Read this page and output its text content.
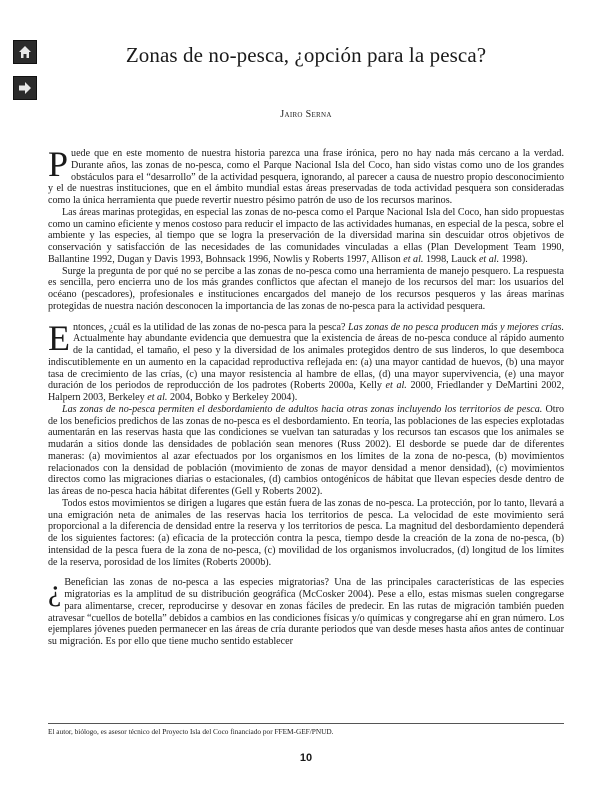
Zonas de no-pesca, ¿opción para la pesca?
Jairo Serna

Puede que en este momento de nuestra historia parezca una frase irónica, pero no hay nada más cercano a la verdad. Durante años, las zonas de no-pesca, como el Parque Nacional Isla del Coco, han sido vistas como uno de los grandes obstáculos para el “desarrollo” de la actividad pesquera, ignorando, al parecer a causa de nuestro propio desconocimiento y el de nuestras instituciones, que en el ámbito mundial estas áreas preservadas de toda actividad pesquera son consideradas como la única herramienta que puede revertir nuestro pésimo patrón de uso de los recursos marinos.

Las áreas marinas protegidas, en especial las zonas de no-pesca como el Parque Nacional Isla del Coco, han sido propuestas como un camino eficiente y menos costoso para reducir el impacto de las actividades humanas, en especial de la pesca, sobre el ambiente y las especies, al tiempo que se logra la preservación de la diversidad marina sin descuidar otros objetivos de conservación y satisfacción de las necesidades de las comunidades vinculadas a ellas (Plan Development Team 1990, Ballantine 1992, Dugan y Davis 1993, Bohnsack 1996, Nowlis y Roberts 1997, Allison et al. 1998, Lauck et al. 1998).

Surge la pregunta de por qué no se percibe a las zonas de no-pesca como una herramienta de manejo pesquero. La respuesta es sencilla, pero encierra uno de los más grandes conflictos que afectan el manejo de los recursos del mar: los usuarios del océano (pescadores), profesionales e instituciones encargados del manejo de los recursos pesqueros y las áreas marinas protegidas de nuestra nación desconocen la importancia de las zonas de no-pesca para la actividad pesquera.

Entonces, ¿cuál es la utilidad de las zonas de no-pesca para la pesca? Las zonas de no pesca producen más y mejores crías. Actualmente hay abundante evidencia que demuestra que la existencia de áreas de no-pesca conduce al rápido aumento de la cantidad, el tamaño, el peso y la diversidad de los animales protegidos dentro de sus linderos, lo que desemboca indiscutiblemente en un aumento en la capacidad reproductiva reflejada en: (a) una mayor cantidad de huevos, (b) una mayor tasa de crecimiento de las crías, (c) una mayor resistencia al hambre de ellas, (d) una mayor supervivencia, (e) una mayor duración de los periodos de reproducción de los padrotes (Roberts 2000a, Kelly et al. 2000, Friedlander y DeMartini 2002, Halpern 2003, Berkeley et al. 2004, Bobko y Berkeley 2004).

Las zonas de no-pesca permiten el desbordamiento de adultos hacia otras zonas incluyendo los territorios de pesca. Otro de los beneficios predichos de las zonas de no-pesca es el desbordamiento. En teoría, las poblaciones de las especies explotadas aumentarán en las reservas hasta que las condiciones se vuelvan tan saturadas y los recursos tan escasos que los animales se mudarán a sitios donde las densidades de población sean menores (Russ 2002). El desborde se puede dar de diferentes maneras: (a) movimientos al azar efectuados por los organismos en los límites de la zona de no-pesca, (b) movimientos relacionados con la densidad de población (movimiento de zonas de mayor densidad a menor densidad), (c) movimientos directos como las migraciones diarias o estacionales, (d) cambios ontogénicos de hábitat que llevan especies desde dentro de las áreas de no-pesca hacia hábitat diferentes (Gell y Roberts 2002).

Todos estos movimientos se dirigen a lugares que están fuera de las zonas de no-pesca. La protección, por lo tanto, llevará a una emigración neta de animales de las reservas hacia los territorios de pesca. La velocidad de este movimiento será proporcional a la diferencia de densidad entre la reserva y los territorios de pesca. La magnitud del desbordamiento dependerá de los siguientes factores: (a) eficacia de la protección contra la pesca, tiempo desde la creación de la zona de no-pesca, (b) intensidad de la pesca fuera de la zona de no-pesca, (c) movilidad de los organismos involucrados, (d) longitud de los límites de la reserva, porosidad de los límites (Roberts 2000b).

¿ Benefician las zonas de no-pesca a las especies migratorias? Una de las principales características de las especies migratorias es la amplitud de su distribución geográfica (McCosker 2004). Pese a ello, estas mismas suelen congregarse para alimentarse, crecer, reproducirse y desovar en zonas fáciles de predecir. En las rutas de migración también pueden atravesar “cuellos de botella” debidos a cambios en las condiciones físicas y/o químicas y congregarse ahí en gran número. Los ejemplares jóvenes pueden permanecer en las áreas de cría durante periodos que van desde meses hasta años antes de continuar su migración. Es por ello que tiene mucho sentido establecer

El autor, biólogo, es asesor técnico del Proyecto Isla del Coco financiado por FFEM-GEF/PNUD.
10
